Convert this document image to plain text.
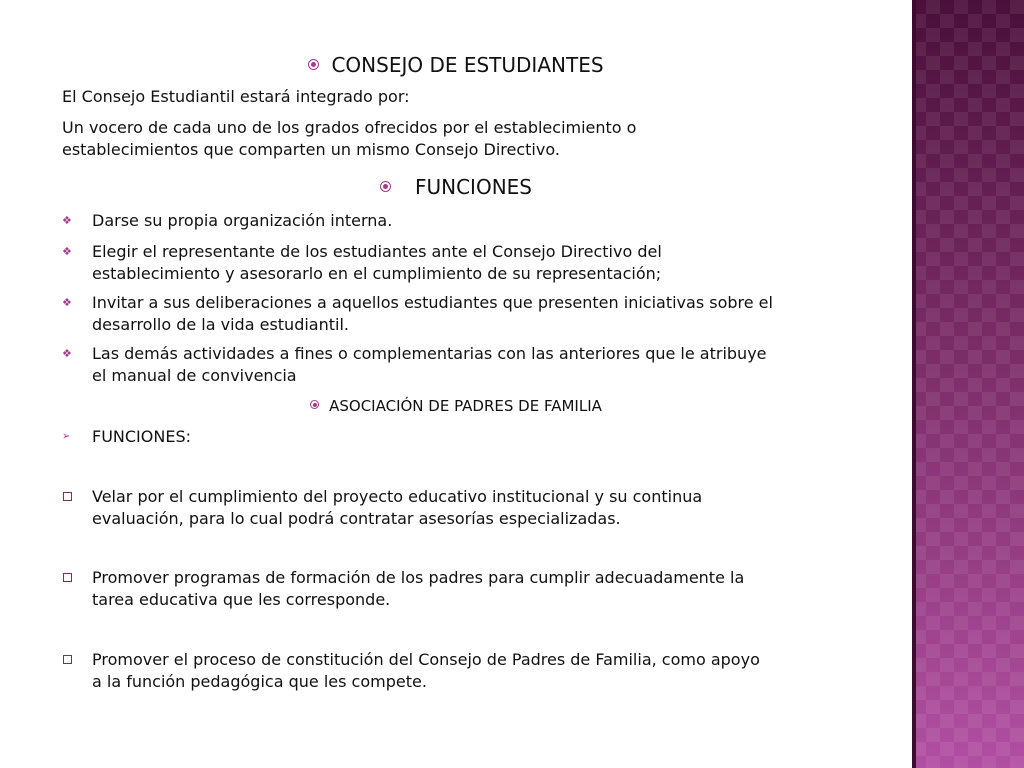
CONSEJO DE ESTUDIANTES
El Consejo Estudiantil estará integrado por:
Un vocero de cada uno de los grados ofrecidos por el establecimiento o
establecimientos que comparten un mismo Consejo Directivo.
FUNCIONES
❖ Darse su propia organización interna.
❖ Elegir el representante de los estudiantes ante el Consejo Directivo del
establecimiento y asesorarlo en el cumplimiento de su representación;
❖ Invitar a sus deliberaciones a aquellos estudiantes que presenten iniciativas sobre el
desarrollo de la vida estudiantil.
❖ Las demás actividades a fines o complementarias con las anteriores que le atribuye
el manual de convivencia
ASOCIACIÓN DE PADRES DE FAMILIA
➢ FUNCIONES:
Velar por el cumplimiento del proyecto educativo institucional y su continua
evaluación, para lo cual podrá contratar asesorías especializadas.
Promover programas de formación de los padres para cumplir adecuadamente la
tarea educativa que les corresponde.
Promover el proceso de constitución del Consejo de Padres de Familia, como apoyo
a la función pedagógica que les compete.
